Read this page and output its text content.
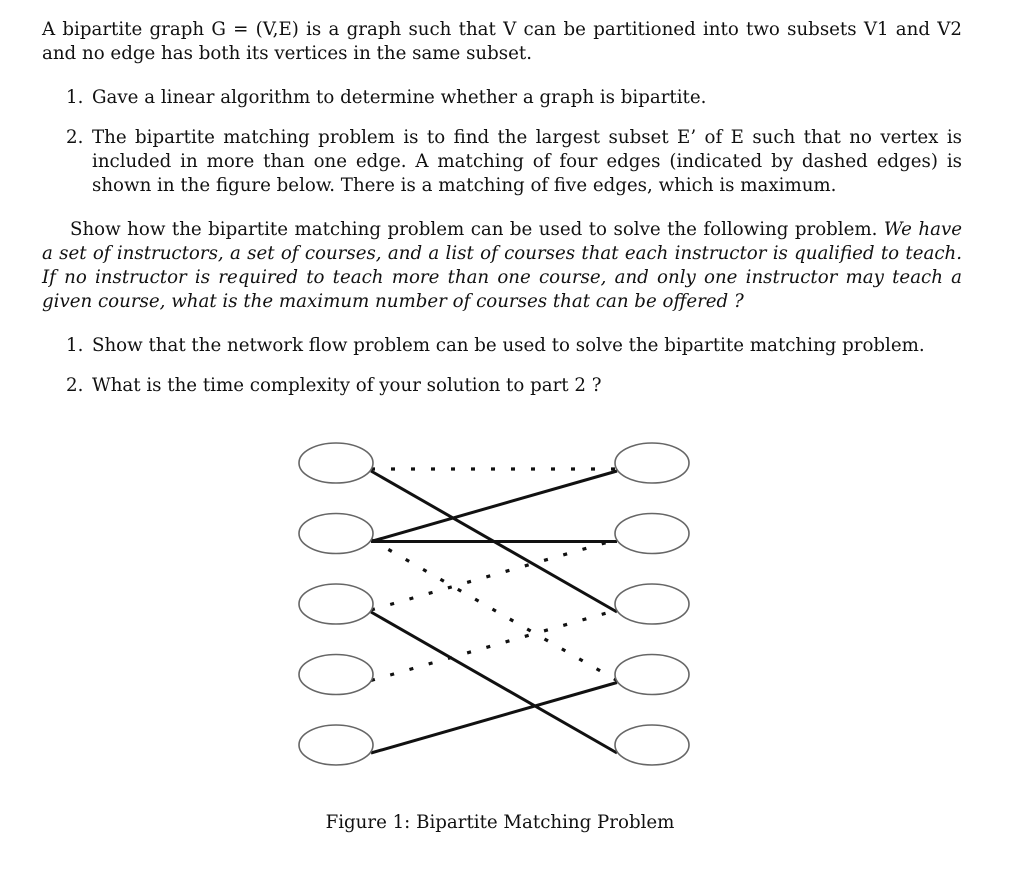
A bipartite graph G = (V,E) is a graph such that V can be partitioned into two subsets V1 and V2 and no edge has both its vertices in the same subset.

1. Gave a linear algorithm to determine whether a graph is bipartite.
2. The bipartite matching problem is to find the largest subset E’ of E such that no vertex is included in more than one edge. A matching of four edges (indicated by dashed edges) is shown in the figure below. There is a matching of five edges, which is maximum.

Show how the bipartite matching problem can be used to solve the following problem. We have a set of instructors, a set of courses, and a list of courses that each instructor is qualified to teach. If no instructor is required to teach more than one course, and only one instructor may teach a given course, what is the maximum number of courses that can be offered ?

1. Show that the network flow problem can be used to solve the bipartite matching problem.
2. What is the time complexity of your solution to part 2 ?
Figure 1: Bipartite Matching Problem
